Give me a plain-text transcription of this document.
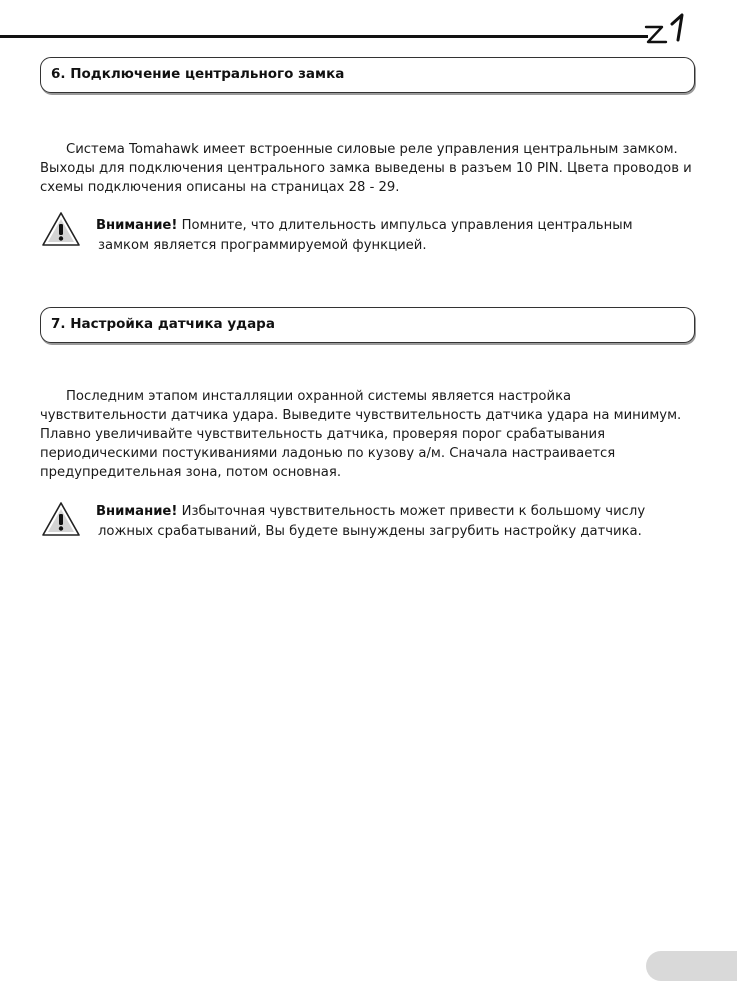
6. Подключение центрального замка

Система Tomahawk имеет встроенные силовые реле управления центральным замком. Выходы для подключения центрального замка выведены в разъем 10 PIN. Цвета проводов и схемы подключения описаны на страницах 28 - 29.

Внимание! Помните, что длительность импульса управления центральным
замком является программируемой функцией.

7. Настройка датчика удара

Последним этапом инсталляции охранной системы является настройка чувствительности датчика удара. Выведите чувствительность датчика удара на минимум. Плавно увеличивайте чувствительность датчика, проверяя порог срабатывания периодическими постукиваниями ладонью по кузову а/м. Сначала настраивается предупредительная зона, потом основная.

Внимание! Избыточная чувствительность может привести к большому числу
ложных срабатываний, Вы будете вынуждены загрубить настройку датчика.
